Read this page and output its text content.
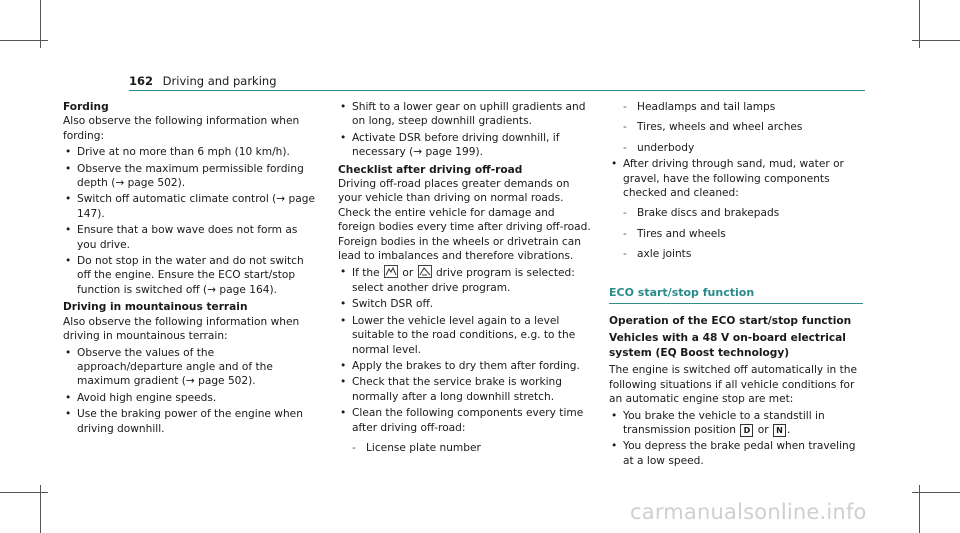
162 Driving and parking

Fording

Also observe the following information when fording:

• Drive at no more than 6 mph (10 km/h).
• Observe the maximum permissible fording depth (→ page 502).
• Switch off automatic climate control (→ page 147).
• Ensure that a bow wave does not form as you drive.
• Do not stop in the water and do not switch off the engine. Ensure the ECO start/stop function is switched off (→ page 164).

Driving in mountainous terrain

Also observe the following information when driving in mountainous terrain:

• Observe the values of the approach/departure angle and of the maximum gradient (→ page 502).
• Avoid high engine speeds.
• Use the braking power of the engine when driving downhill.
• Shift to a lower gear on uphill gradients and on long, steep downhill gradients.
• Activate DSR before driving downhill, if necessary (→ page 199).

Checklist after driving off-road

Driving off-road places greater demands on your vehicle than driving on normal roads. Check the entire vehicle for damage and foreign bodies every time after driving off-road. Foreign bodies in the wheels or drivetrain can lead to imbalances and therefore vibrations.

• If the or drive program is selected: select another drive program.
• Switch DSR off.
• Lower the vehicle level again to a level suitable to the road conditions, e.g. to the normal level.
• Apply the brakes to dry them after fording.
• Check that the service brake is working normally after a long downhill stretch.
• Clean the following components every time after driving off-road:
- License plate number
- Headlamps and tail lamps
- Tires, wheels and wheel arches
- underbody
• After driving through sand, mud, water or gravel, have the following components checked and cleaned:
- Brake discs and brakepads
- Tires and wheels
- axle joints
ECO start/stop function

Operation of the ECO start/stop function

Vehicles with a 48 V on-board electrical system (EQ Boost technology)

The engine is switched off automatically in the following situations if all vehicle conditions for an automatic engine stop are met:

• You brake the vehicle to a standstill in transmission position D or N .
• You depress the brake pedal when traveling at a low speed.
carmanualsonline.info
